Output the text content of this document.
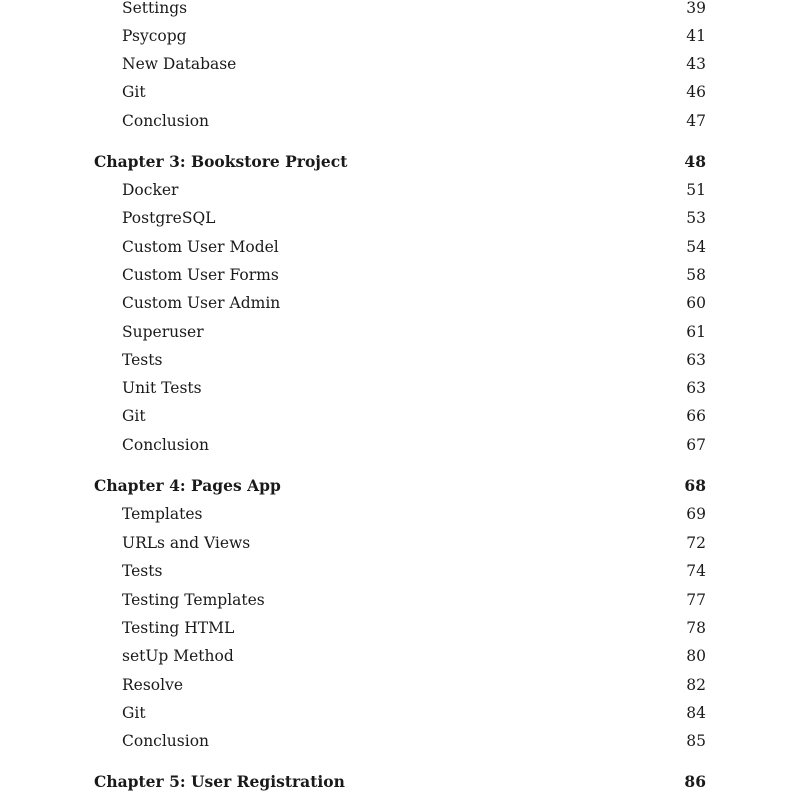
Settings	39
Psycopg	41
New Database	43
Git	46
Conclusion	47
Chapter 3: Bookstore Project	48
Docker	51
PostgreSQL	53
Custom User Model	54
Custom User Forms	58
Custom User Admin	60
Superuser	61
Tests	63
Unit Tests	63
Git	66
Conclusion	67
Chapter 4: Pages App	68
Templates	69
URLs and Views	72
Tests	74
Testing Templates	77
Testing HTML	78
setUp Method	80
Resolve	82
Git	84
Conclusion	85
Chapter 5: User Registration	86
